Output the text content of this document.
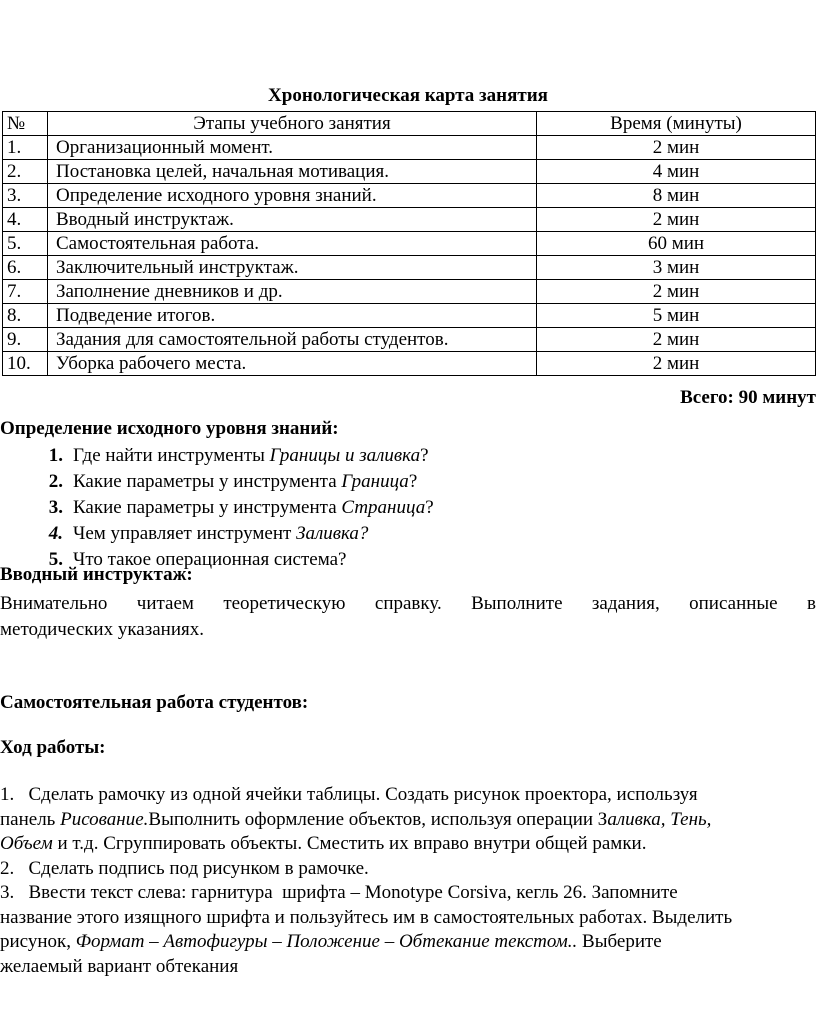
Хронологическая карта занятия
№	Этапы учебного занятия	Время (минуты)
1.	Организационный момент.	2 мин
2.	Постановка целей, начальная мотивация.	4 мин
3.	Определение исходного уровня знаний.	8 мин
4.	Вводный инструктаж.	2 мин
5.	Самостоятельная работа.	60 мин
6.	Заключительный инструктаж.	3 мин
7.	Заполнение дневников и др.	2 мин
8.	Подведение итогов.	5 мин
9.	Задания для самостоятельной работы студентов.	2 мин
10.	Уборка рабочего места.	2 мин
Всего: 90 минут
Определение исходного уровня знаний:
1. Где найти инструменты Границы и заливка?
2. Какие параметры у инструмента Граница?
3. Какие параметры у инструмента Страница?
4. Чем управляет инструмент Заливка?
5. Что такое операционная система?
Вводный инструктаж:
Внимательно читаем теоретическую справку. Выполните задания, описанные в
методических указаниях.
Самостоятельная работа студентов:
Ход работы:
1.   Сделать рамочку из одной ячейки таблицы. Создать рисунок проектора, используя
панель Рисование.Выполнить оформление объектов, используя операции Заливка, Тень,
Объем и т.д. Сгруппировать объекты. Сместить их вправо внутри общей рамки.
2.   Сделать подпись под рисунком в рамочке.
3.   Ввести текст слева: гарнитура  шрифта – Monotype Corsiva, кегль 26. Запомните
название этого изящного шрифта и пользуйтесь им в самостоятельных работах. Выделить
рисунок, Формат – Автофигуры – Положение – Обтекание текстом.. Выберите
желаемый вариант обтекания
